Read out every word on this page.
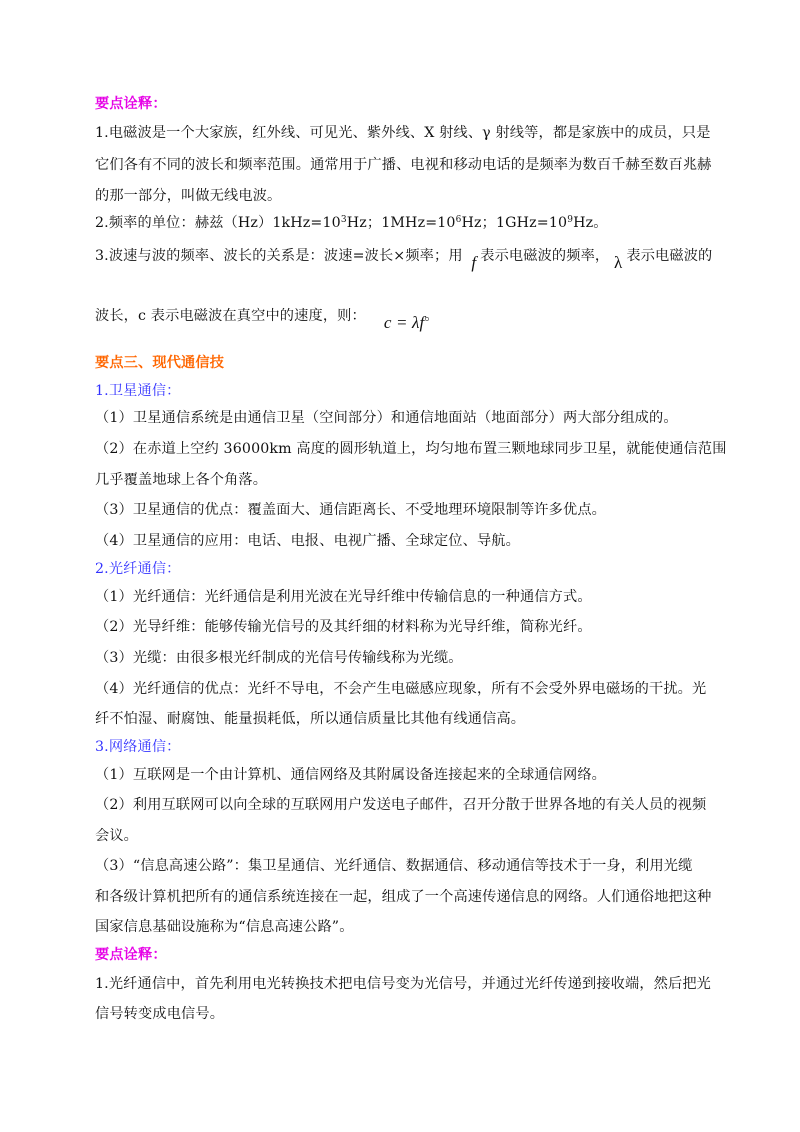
要点诠释：
1.电磁波是一个大家族，红外线、可见光、紫外线、X 射线、γ 射线等，都是家族中的成员，只是
它们各有不同的波长和频率范围。通常用于广播、电视和移动电话的是频率为数百千赫至数百兆赫
的那一部分，叫做无线电波。
2.频率的单位：赫兹$(Hz)1kHz=10^3Hz$；$1MHz=10^6Hz$；$1GHz=10^9Hz$。
3.波速与波的频率、波长的关系是：波速=波长×频率；用 f 表示电磁波的频率， λ 表示电磁波的
波长，c 表示电磁波在真空中的速度，则： c = λf。
要点三、现代通信技
1.卫星通信：
（1）卫星通信系统是由通信卫星（空间部分）和通信地面站（地面部分）两大部分组成的。
（2）在赤道上空约 36000km 高度的圆形轨道上，均匀地布置三颗地球同步卫星，就能使通信范围
几乎覆盖地球上各个角落。
（3）卫星通信的优点：覆盖面大、通信距离长、不受地理环境限制等许多优点。
（4）卫星通信的应用：电话、电报、电视广播、全球定位、导航。
2.光纤通信：
（1）光纤通信：光纤通信是利用光波在光导纤维中传输信息的一种通信方式。
（2）光导纤维：能够传输光信号的及其纤细的材料称为光导纤维，简称光纤。
（3）光缆：由很多根光纤制成的光信号传输线称为光缆。
（4）光纤通信的优点：光纤不导电，不会产生电磁感应现象，所有不会受外界电磁场的干扰。光
纤不怕湿、耐腐蚀、能量损耗低，所以通信质量比其他有线通信高。
3.网络通信：
（1）互联网是一个由计算机、通信网络及其附属设备连接起来的全球通信网络。
（2）利用互联网可以向全球的互联网用户发送电子邮件，召开分散于世界各地的有关人员的视频
会议。
（3）“信息高速公路”：集卫星通信、光纤通信、数据通信、移动通信等技术于一身，利用光缆
和各级计算机把所有的通信系统连接在一起，组成了一个高速传递信息的网络。人们通俗地把这种
国家信息基础设施称为“信息高速公路”。
要点诠释：
1.光纤通信中，首先利用电光转换技术把电信号变为光信号，并通过光纤传递到接收端，然后把光
信号转变成电信号。
